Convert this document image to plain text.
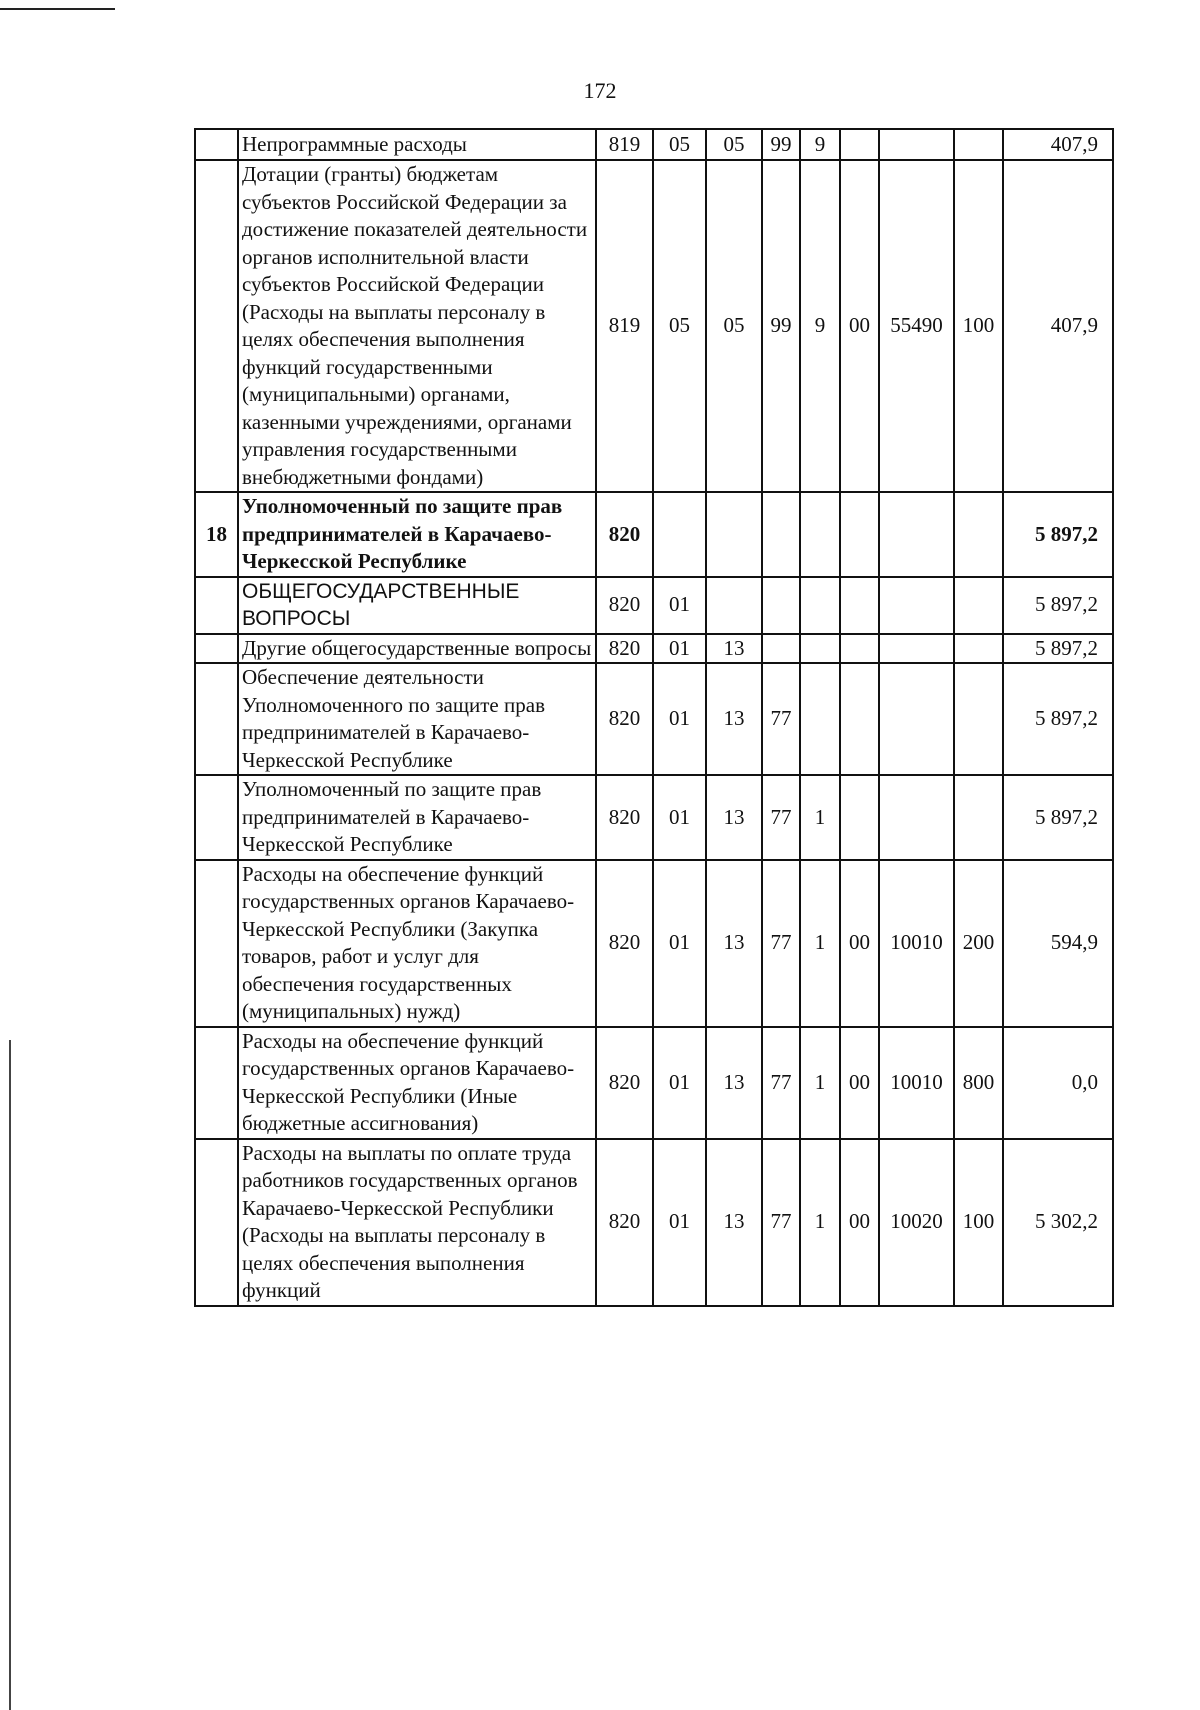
172
	Непрограммные расходы	819	05	05	99	9				407,9
	Дотации (гранты) бюджетам субъектов Российской Федерации за достижение показателей деятельности органов исполнительной власти субъектов Российской Федерации (Расходы на выплаты персоналу в целях обеспечения выполнения функций государственными (муниципальными) органами, казенными учреждениями, органами управления государственными внебюджетными фондами)	819	05	05	99	9	00	55490	100	407,9
18	Уполномоченный по защите прав предпринимателей в Карачаево-Черкесской Республике	820								5 897,2
	ОБЩЕГОСУДАРСТВЕННЫЕ ВОПРОСЫ	820	01							5 897,2
	Другие общегосударственные вопросы	820	01	13						5 897,2
	Обеспечение деятельности Уполномоченного по защите прав предпринимателей в Карачаево-Черкесской Республике	820	01	13	77					5 897,2
	Уполномоченный по защите прав предпринимателей в Карачаево-Черкесской Республике	820	01	13	77	1				5 897,2
	Расходы на обеспечение функций государственных органов Карачаево-Черкесской Республики (Закупка товаров, работ и услуг для обеспечения государственных (муниципальных) нужд)	820	01	13	77	1	00	10010	200	594,9
	Расходы на обеспечение функций государственных органов Карачаево-Черкесской Республики (Иные бюджетные ассигнования)	820	01	13	77	1	00	10010	800	0,0
	Расходы на выплаты по оплате труда работников государственных органов Карачаево-Черкесской Республики (Расходы на выплаты персоналу в целях обеспечения выполнения функций	820	01	13	77	1	00	10020	100	5 302,2
